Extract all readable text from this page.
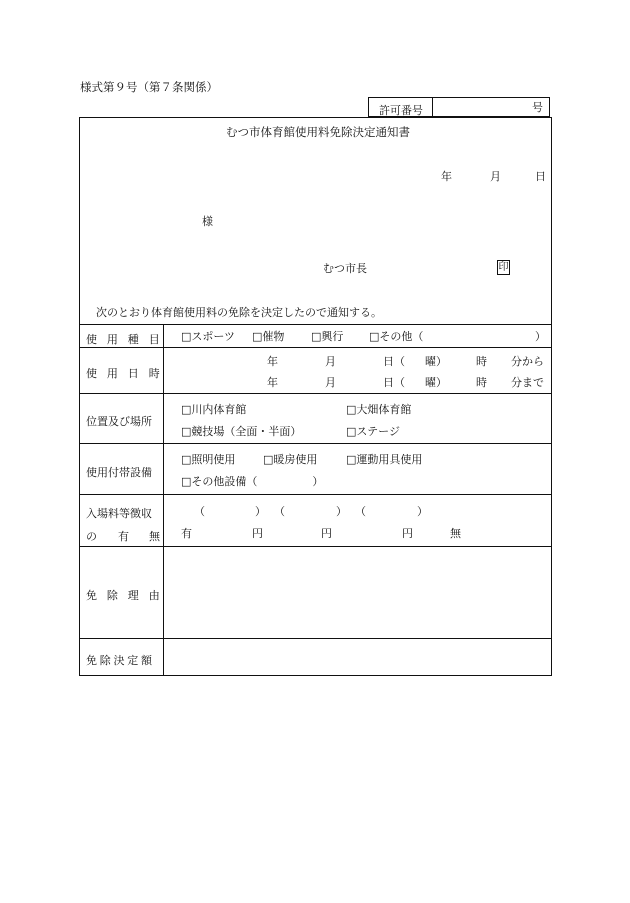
様式第９号（第７条関係）
許可番号	号
むつ市体育館使用料免除決定通知書
年	月	日
様
むつ市長	印
次のとおり体育館使用料の免除を決定したので通知する。
使用種目 □スポーツ □催物 □興行 □その他（	）
使用日時
年	月	日（ 曜）	時 分から
年	月	日（ 曜）	時 分まで
位置及び場所
□川内体育館	□大畑体育館
□競技場（全面・半面）	□ステージ
使用付帯設備
□照明使用	□暖房使用	□運動用具使用
□その他設備（　　　　　）
入場料等徴収
の 有 無
（	） （	） （	）
有	円	円	円	無
免除理由
免除決定額
